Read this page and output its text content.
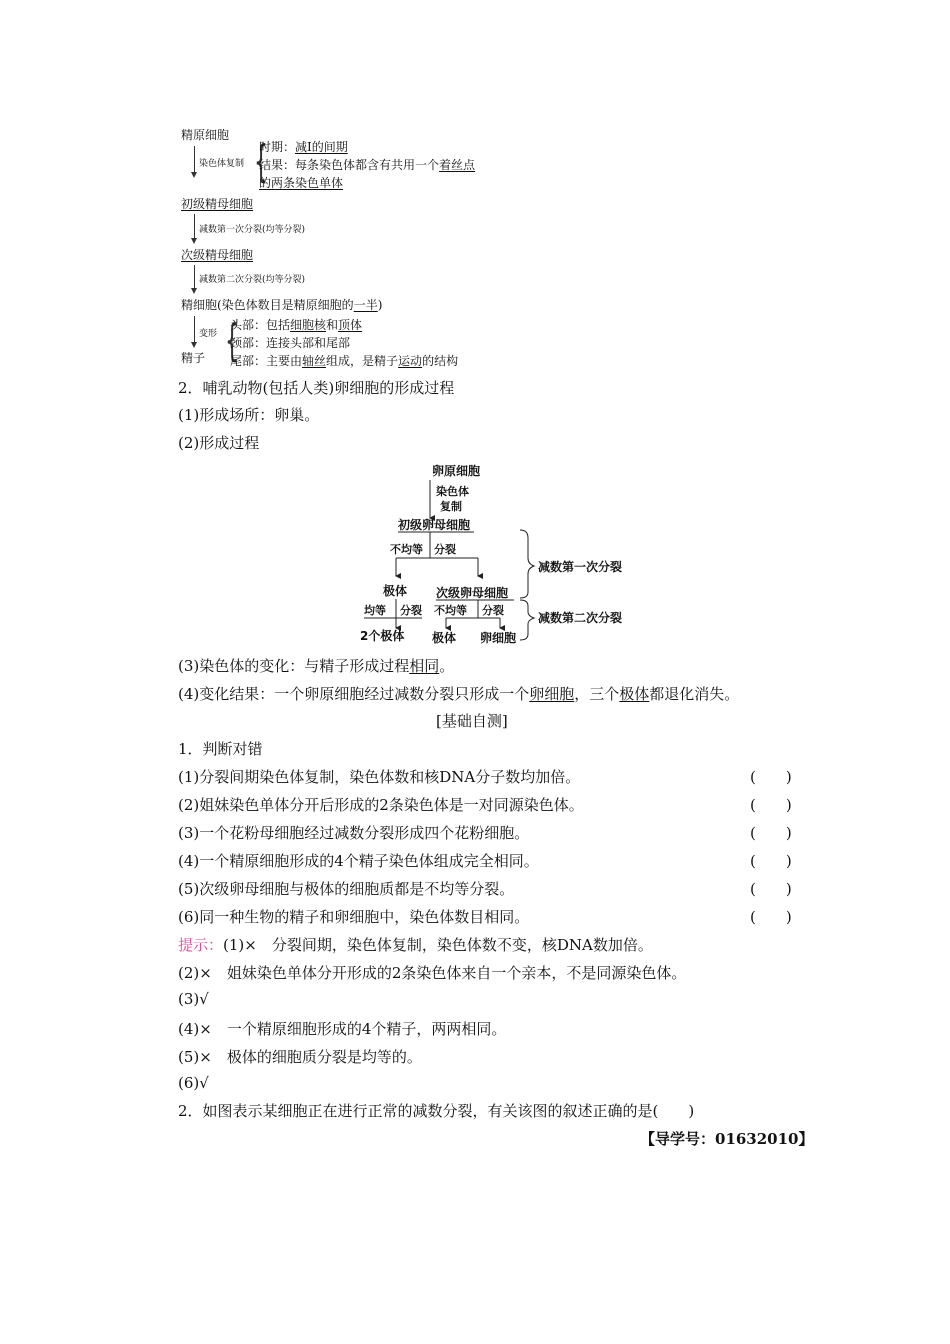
精原细胞
染色体复制 {
时期：减Ⅰ的间期
结果：每条染色体都含有共用一个着丝点
的两条染色单体
初级精母细胞
减数第一次分裂(均等分裂)
次级精母细胞
减数第二次分裂(均等分裂)
精细胞(染色体数目是精原细胞的一半)
变形 {
头部：包括细胞核和顶体
颈部：连接头部和尾部
尾部：主要由轴丝组成，是精子运动的结构
精子
2．哺乳动物(包括人类)卵细胞的形成过程
(1)形成场所：卵巢。
(2)形成过程
卵原细胞
染色体
复制
初级卵母细胞
不均等 分裂
极体
均等 分裂
2个极体
次级卵母细胞
不均等 分裂
极体 卵细胞
减数第一次分裂
减数第二次分裂
(3)染色体的变化：与精子形成过程相同。
(4)变化结果：一个卵原细胞经过减数分裂只形成一个卵细胞，三个极体都退化消失。
[基础自测]
1．判断对错
(1)分裂间期染色体复制，染色体数和核DNA分子数均加倍。	(　　)
(2)姐妹染色单体分开后形成的2条染色体是一对同源染色体。	(　　)
(3)一个花粉母细胞经过减数分裂形成四个花粉细胞。	(　　)
(4)一个精原细胞形成的4个精子染色体组成完全相同。	(　　)
(5)次级卵母细胞与极体的细胞质都是不均等分裂。	(　　)
(6)同一种生物的精子和卵细胞中，染色体数目相同。	(　　)
提示：(1)×　分裂间期，染色体复制，染色体数不变，核DNA数加倍。
(2)×　姐妹染色单体分开形成的2条染色体来自一个亲本，不是同源染色体。
(3)√
(4)×　一个精原细胞形成的4个精子，两两相同。
(5)×　极体的细胞质分裂是均等的。
(6)√
2．如图表示某细胞正在进行正常的减数分裂，有关该图的叙述正确的是(　　)
【导学号：01632010】
